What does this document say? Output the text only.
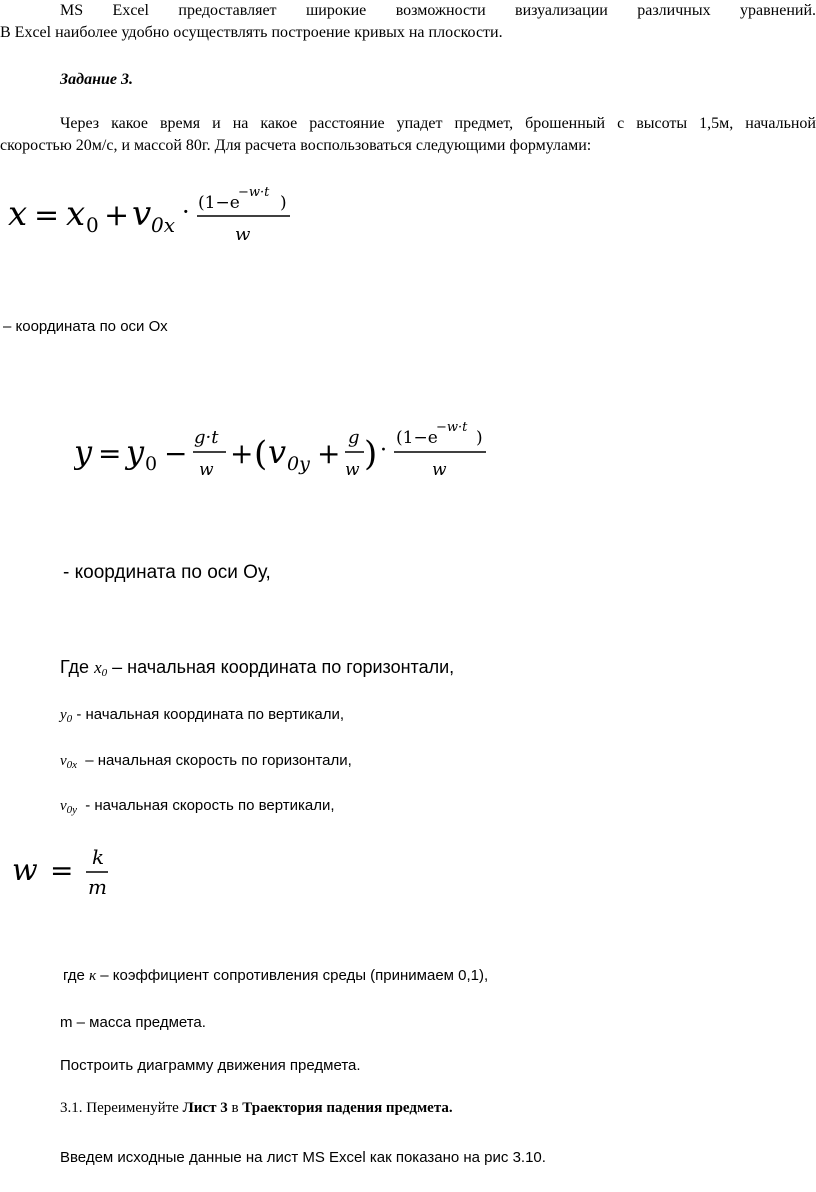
MS Excel предоставляет широкие возможности визуализации различных уравнений.
В Excel наиболее удобно осуществлять построение кривых на плоскости.
Задание 3.
Через какое время и на какое расстояние упадет предмет, брошенный с высоты 1,5м, начальной
скоростью 20м/с, и массой 80г. Для расчета воспользоваться следующими формулами:
x = x 0 + v 0x · (1−e
−w·t
)
w
– координата по оси Ох
y = y 0 − g·t
w + ( v 0y + g
w ) · (1−e
−w·t
)
w
- координата по оси Оу,
Где $x_0$ – начальная координата по горизонтали,
$y_0$ - начальная координата по вертикали,
$v_{0x}$ – начальная скорость по горизонтали,
$v_{0y}$ - начальная скорость по вертикали,
w = k
m
где к – коэффициент сопротивления среды (принимаем 0,1),
m – масса предмета.
Построить диаграмму движения предмета.
3.1. Переименуйте Лист 3 в Траектория падения предмета.
Введем исходные данные на лист MS Excel как показано на рис 3.10.
